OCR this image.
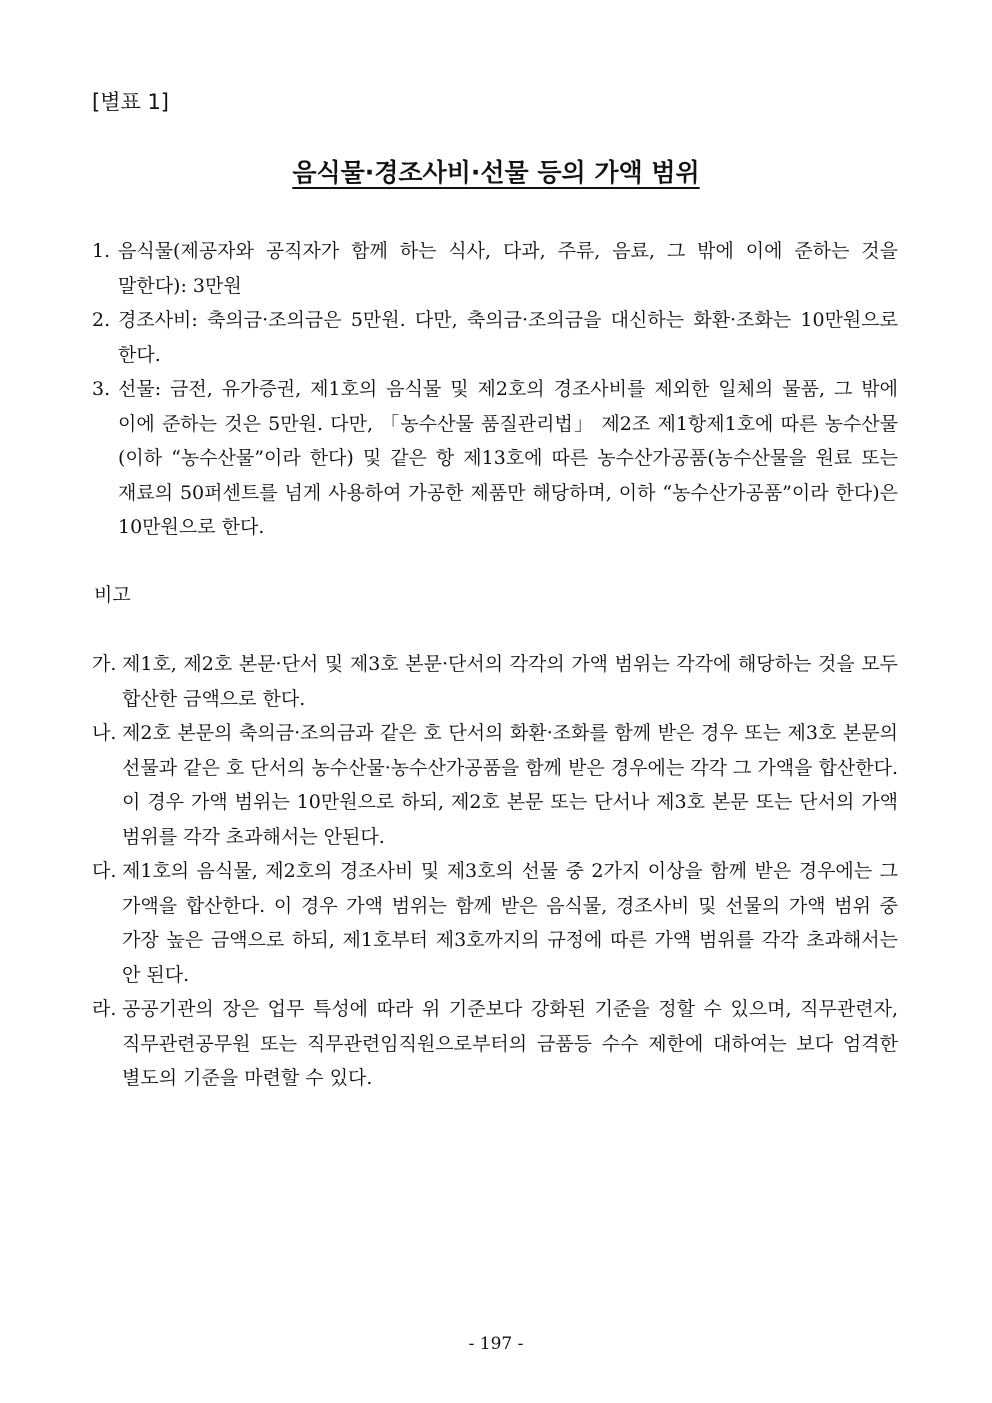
[별표 1]
음식물·경조사비·선물 등의 가액 범위
1. 음식물(제공자와 공직자가 함께 하는 식사, 다과, 주류, 음료, 그 밖에 이에 준하는 것을 말한다): 3만원
2. 경조사비: 축의금·조의금은 5만원. 다만, 축의금·조의금을 대신하는 화환·조화는 10만원으로 한다.
3. 선물: 금전, 유가증권, 제1호의 음식물 및 제2호의 경조사비를 제외한 일체의 물품, 그 밖에 이에 준하는 것은 5만원. 다만, 「농수산물 품질관리법」 제2조 제1항제1호에 따른 농수산물(이하 “농수산물”이라 한다) 및 같은 항 제13호에 따른 농수산가공품(농수산물을 원료 또는 재료의 50퍼센트를 넘게 사용하여 가공한 제품만 해당하며, 이하 “농수산가공품”이라 한다)은 10만원으로 한다.
비고
가. 제1호, 제2호 본문·단서 및 제3호 본문·단서의 각각의 가액 범위는 각각에 해당하는 것을 모두 합산한 금액으로 한다.
나. 제2호 본문의 축의금·조의금과 같은 호 단서의 화환·조화를 함께 받은 경우 또는 제3호 본문의 선물과 같은 호 단서의 농수산물·농수산가공품을 함께 받은 경우에는 각각 그 가액을 합산한다. 이 경우 가액 범위는 10만원으로 하되, 제2호 본문 또는 단서나 제3호 본문 또는 단서의 가액 범위를 각각 초과해서는 안된다.
다. 제1호의 음식물, 제2호의 경조사비 및 제3호의 선물 중 2가지 이상을 함께 받은 경우에는 그 가액을 합산한다. 이 경우 가액 범위는 함께 받은 음식물, 경조사비 및 선물의 가액 범위 중 가장 높은 금액으로 하되, 제1호부터 제3호까지의 규정에 따른 가액 범위를 각각 초과해서는 안 된다.
라. 공공기관의 장은 업무 특성에 따라 위 기준보다 강화된 기준을 정할 수 있으며, 직무관련자, 직무관련공무원 또는 직무관련임직원으로부터의 금품등 수수 제한에 대하여는 보다 엄격한 별도의 기준을 마련할 수 있다.
- 197 -
